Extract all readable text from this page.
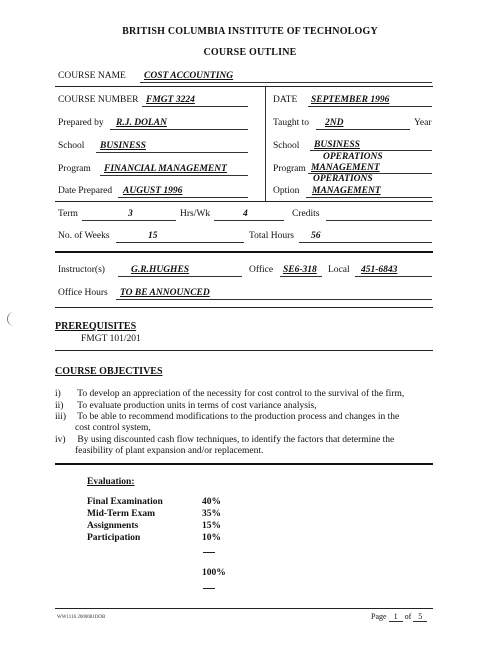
BRITISH COLUMBIA INSTITUTE OF TECHNOLOGY
COURSE OUTLINE
COURSE NAME COST ACCOUNTING
COURSE NUMBER FMGT 3224	DATE SEPTEMBER 1996
Prepared by R.J. DOLAN	Taught to 2ND	Year
School BUSINESS	School BUSINESS
OPERATIONS
Program FINANCIAL MANAGEMENT	Program MANAGEMENT
OPERATIONS
Date Prepared AUGUST 1996	Option MANAGEMENT
Term	3	Hrs/Wk	4	Credits
No. of Weeks	15	Total Hours 56
Instructor(s)	G.R.HUGHES	Office SE6-318 Local 451-6843
Office Hours TO BE ANNOUNCED
PREREQUISITES
FMGT 101/201
COURSE OBJECTIVES
i) To develop an appreciation of the necessity for cost control to the survival of the firm,
ii) To evaluate production units in terms of cost variance analysis,
iii) To be able to recommend modifications to the production process and changes in the
cost control system,
iv) By using discounted cash flow techniques, to identify the factors that determine the
feasibility of plant expansion and/or replacement.
Evaluation:
Final Examination	40%
Mid-Term Exam	35%
Assignments	15%
Participation	10%
100%
WW1116 2000081DOB	Page 1 of 5
